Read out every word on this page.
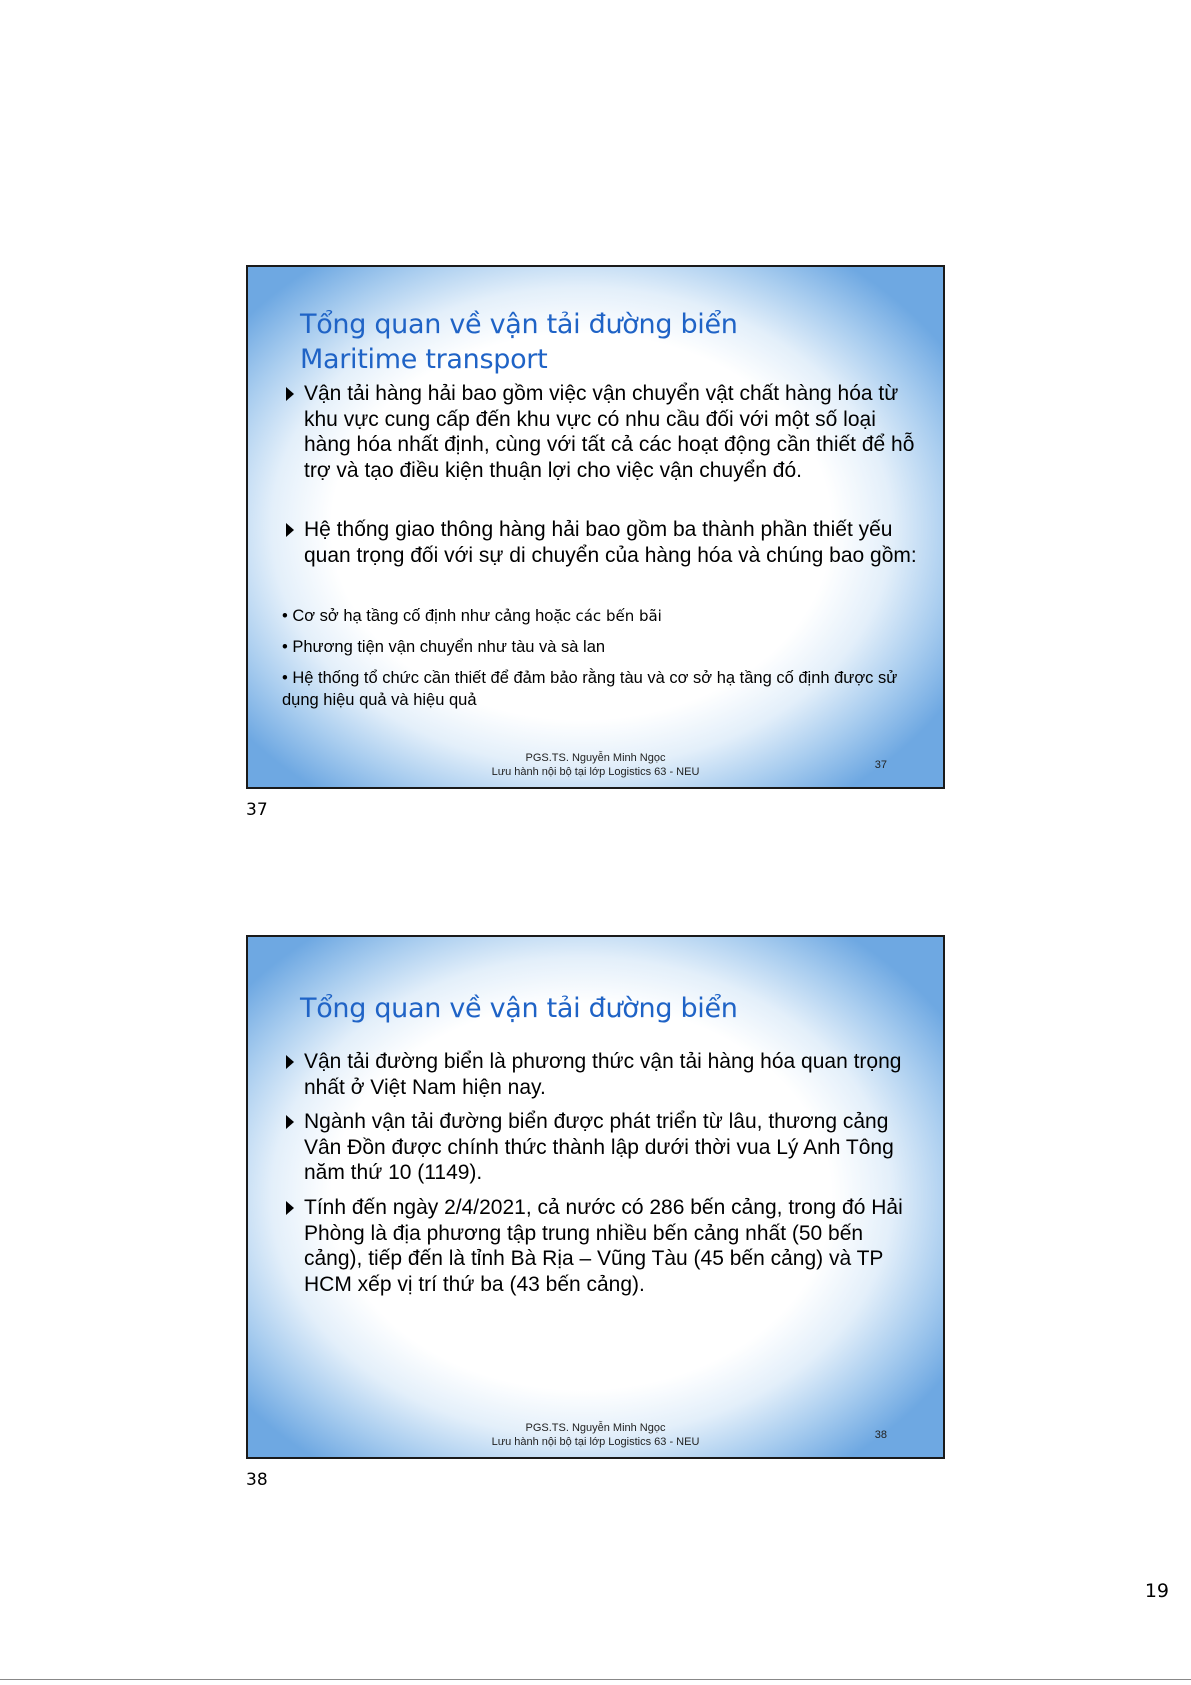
Tổng quan về vận tải đường biển
Maritime transport
Vận tải hàng hải bao gồm việc vận chuyển vật chất hàng hóa từ khu vực cung cấp đến khu vực có nhu cầu đối với một số loại hàng hóa nhất định, cùng với tất cả các hoạt động cần thiết để hỗ trợ và tạo điều kiện thuận lợi cho việc vận chuyển đó.
Hệ thống giao thông hàng hải bao gồm ba thành phần thiết yếu quan trọng đối với sự di chuyển của hàng hóa và chúng bao gồm:
• Cơ sở hạ tầng cố định như cảng hoặc các bến bãi
• Phương tiện vận chuyển như tàu và sà lan
• Hệ thống tổ chức cần thiết để đảm bảo rằng tàu và cơ sở hạ tầng cố định được sử dụng hiệu quả và hiệu quả
PGS.TS. Nguyễn Minh Ngọc
Lưu hành nội bộ tại lớp Logistics 63 - NEU
37
37
Tổng quan về vận tải đường biển
Vận tải đường biển là phương thức vận tải hàng hóa quan trọng nhất ở Việt Nam hiện nay.
Ngành vận tải đường biển được phát triển từ lâu, thương cảng Vân Đồn được chính thức thành lập dưới thời vua Lý Anh Tông năm thứ 10 (1149).
Tính đến ngày 2/4/2021, cả nước có 286 bến cảng, trong đó Hải Phòng là địa phương tập trung nhiều bến cảng nhất (50 bến cảng), tiếp đến là tỉnh Bà Rịa – Vũng Tàu (45 bến cảng) và TP HCM xếp vị trí thứ ba (43 bến cảng).
PGS.TS. Nguyễn Minh Ngọc
Lưu hành nội bộ tại lớp Logistics 63 - NEU
38
38
19
